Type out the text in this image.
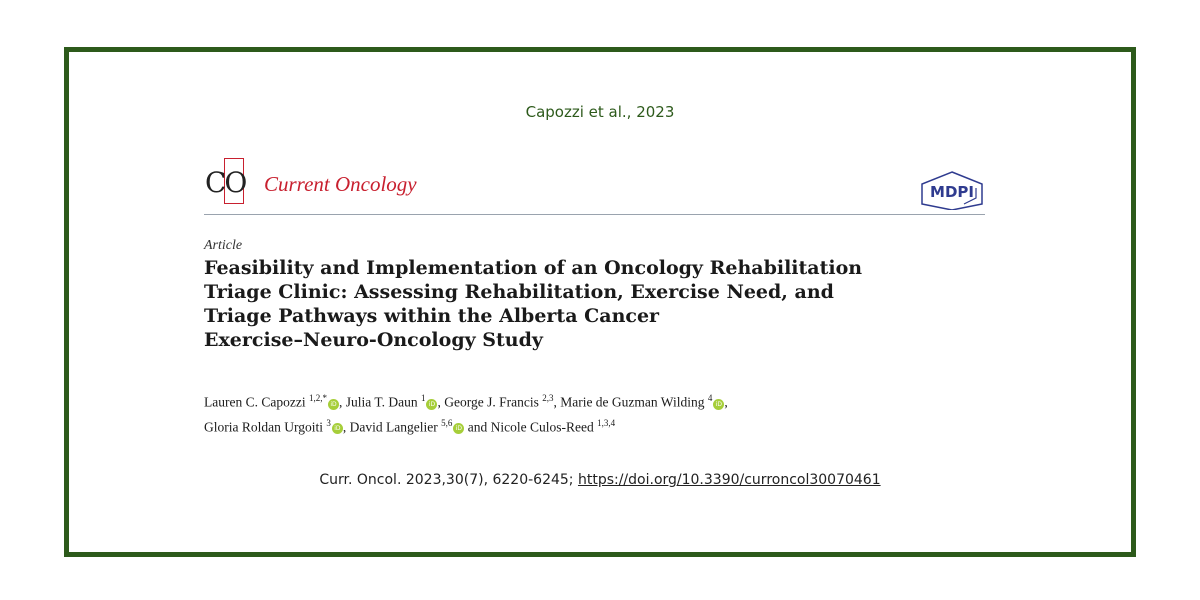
Capozzi et al., 2023
CO Current Oncology	MDPI
Article
Feasibility and Implementation of an Oncology Rehabilitation
Triage Clinic: Assessing Rehabilitation, Exercise Need, and
Triage Pathways within the Alberta Cancer
Exercise–Neuro-Oncology Study
Lauren C. Capozzi $^{1,2,*}$iD , Julia T. Daun $^1$iD , George J. Francis $^{2,3}$, Marie de Guzman Wilding $^4$iD ,
Gloria Roldan Urgoiti $^3$iD , David Langelier $^{5,6}$iD and Nicole Culos-Reed $^{1,3,4}$
Curr. Oncol. 2023,30(7), 6220-6245; https://doi.org/10.3390/curroncol30070461
